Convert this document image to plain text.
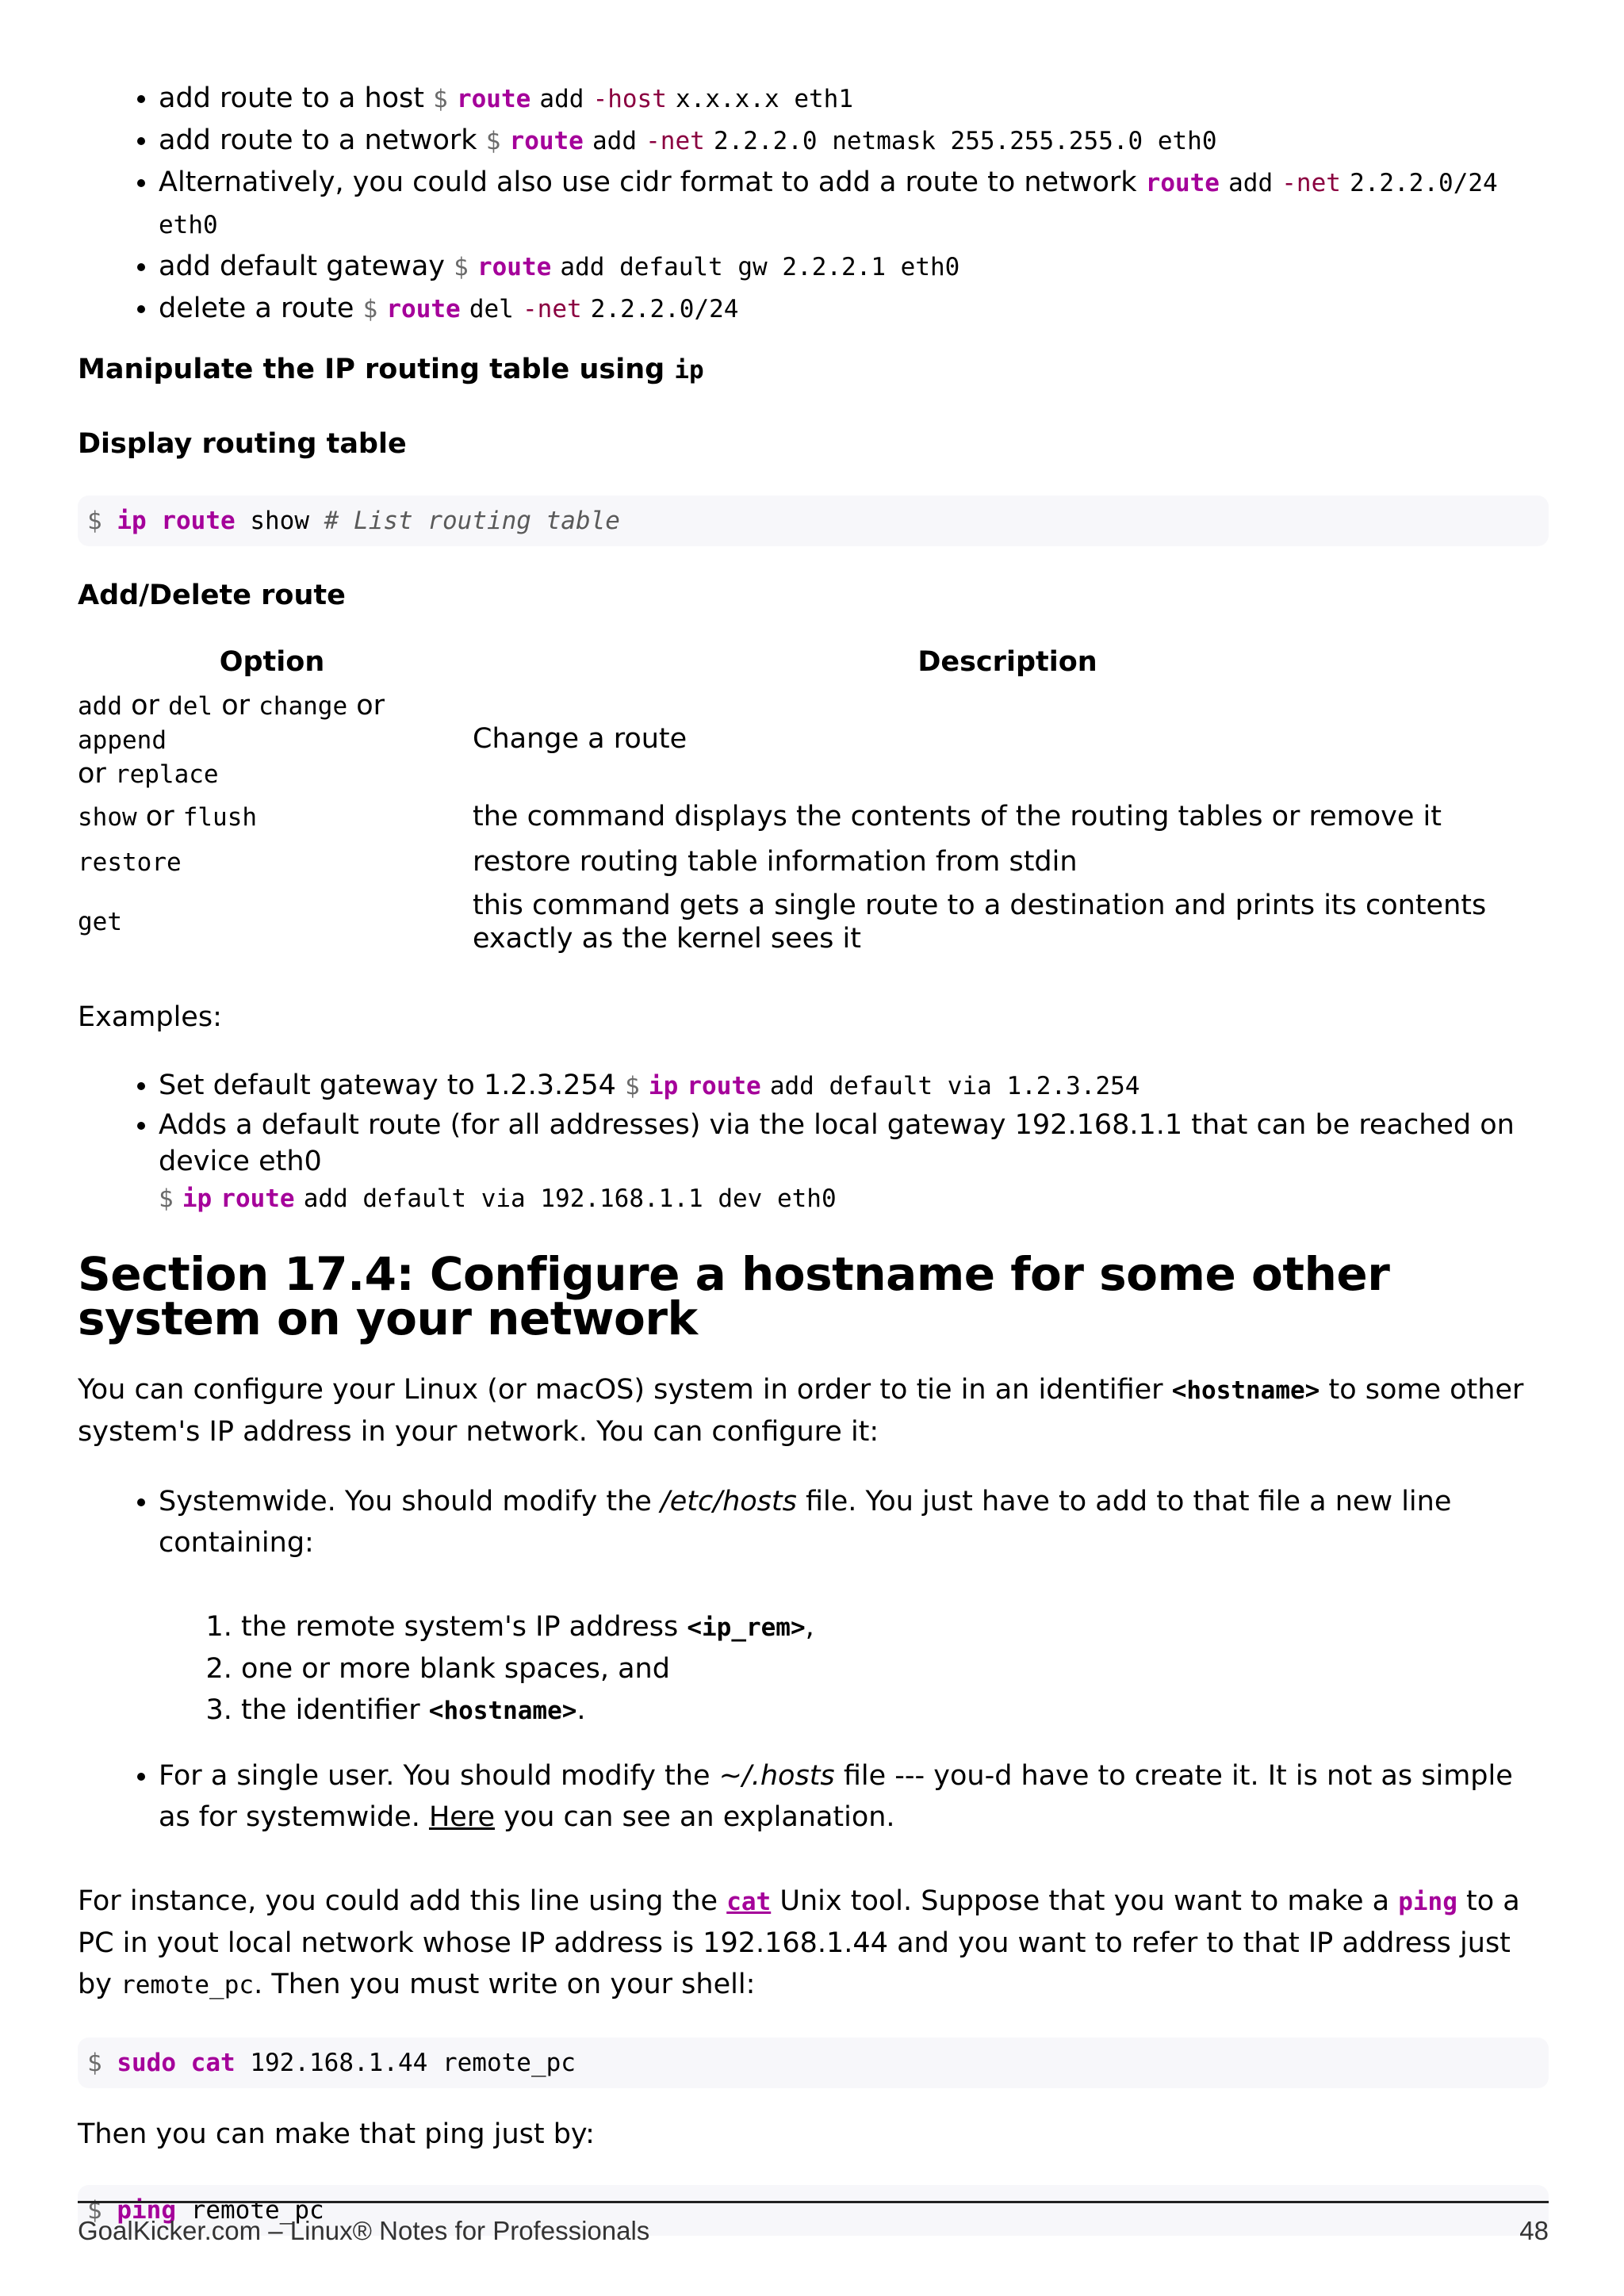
• add route to a host $ route add -host x.x.x.x eth1
• add route to a network $ route add -net 2.2.2.0 netmask 255.255.255.0 eth0
• Alternatively, you could also use cidr format to add a route to network route add -net 2.2.2.0/24 eth0
• add default gateway $ route add default gw 2.2.2.1 eth0
• delete a route $ route del -net 2.2.2.0/24
Manipulate the IP routing table using ip
Display routing table
$ ip route show # List routing table
Add/Delete route
Option	Description
add or del or change or append
or replace	Change a route
show or flush	the command displays the contents of the routing tables or remove it
restore	restore routing table information from stdin
get	this command gets a single route to a destination and prints its contents exactly as the kernel sees it

Examples:

• Set default gateway to 1.2.3.254 $ ip route add default via 1.2.3.254
• Adds a default route (for all addresses) via the local gateway 192.168.1.1 that can be reached on device eth0
$ ip route add default via 192.168.1.1 dev eth0
Section 17.4: Configure a hostname for some other system on your network

You can configure your Linux (or macOS) system in order to tie in an identifier <hostname> to some other system's IP address in your network. You can configure it:

• Systemwide. You should modify the /etc/hosts file. You just have to add to that file a new line containing:
1. the remote system's IP address <ip_rem>,
2. one or more blank spaces, and
3. the identifier <hostname>.
• For a single user. You should modify the ~/.hosts file --- you-d have to create it. It is not as simple as for systemwide. Here you can see an explanation.

For instance, you could add this line using the cat Unix tool. Suppose that you want to make a ping to a PC in yout local network whose IP address is 192.168.1.44 and you want to refer to that IP address just by remote_pc. Then you must write on your shell:

$ sudo cat 192.168.1.44 remote_pc

Then you can make that ping just by:

$ ping remote_pc
GoalKicker.com – Linux® Notes for Professionals	48
